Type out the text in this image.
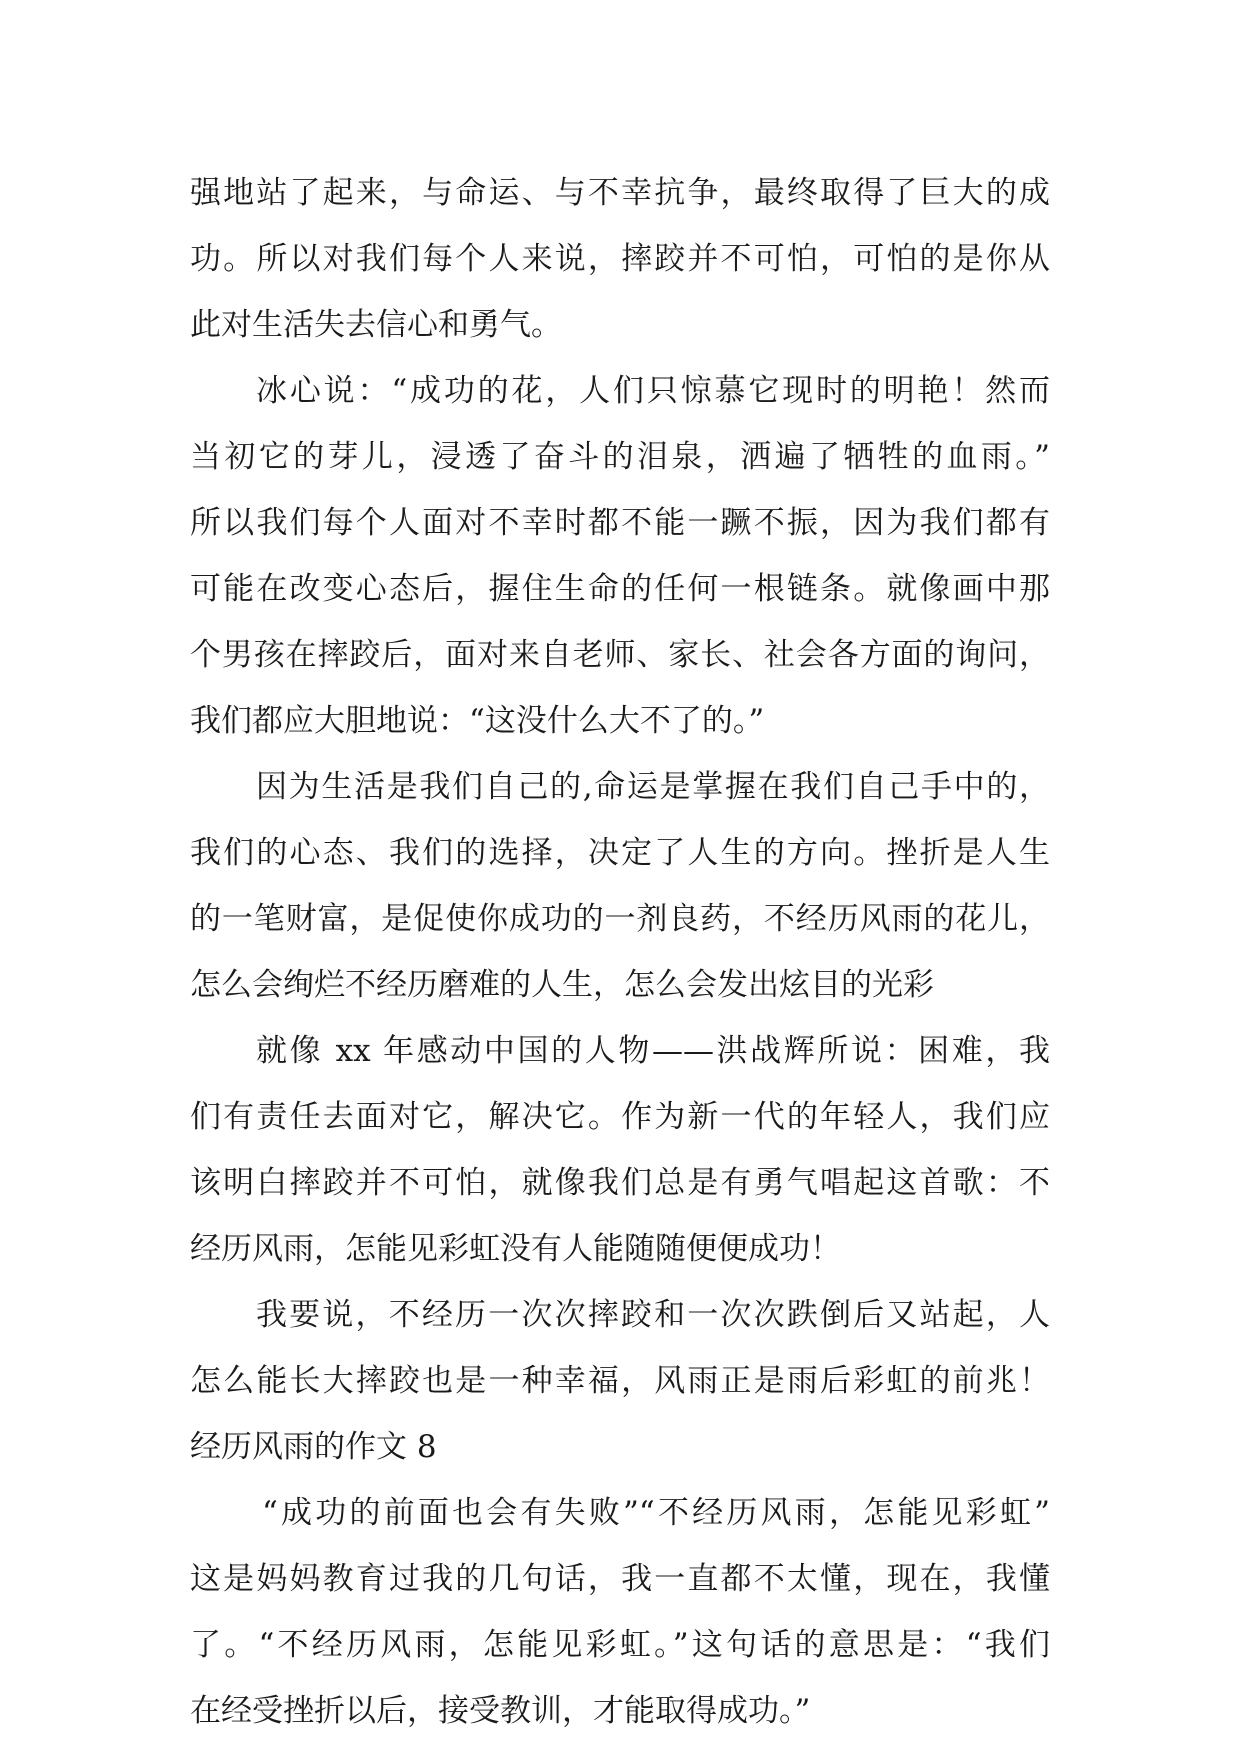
强地站了起来，与命运、与不幸抗争，最终取得了巨大的成
功。所以对我们每个人来说，摔跤并不可怕，可怕的是你从
此对生活失去信心和勇气。
冰心说：“成功的花，人们只惊慕它现时的明艳！然而
当初它的芽儿，浸透了奋斗的泪泉，洒遍了牺牲的血雨。”
所以我们每个人面对不幸时都不能一蹶不振，因为我们都有
可能在改变心态后，握住生命的任何一根链条。就像画中那
个男孩在摔跤后，面对来自老师、家长、社会各方面的询问，
我们都应大胆地说：“这没什么大不了的。”
因为生活是我们自己的,命运是掌握在我们自己手中的，
我们的心态、我们的选择，决定了人生的方向。挫折是人生
的一笔财富，是促使你成功的一剂良药，不经历风雨的花儿，
怎么会绚烂不经历磨难的人生，怎么会发出炫目的光彩
就像 xx 年感动中国的人物——洪战辉所说：困难，我
们有责任去面对它，解决它。作为新一代的年轻人，我们应
该明白摔跤并不可怕，就像我们总是有勇气唱起这首歌：不
经历风雨，怎能见彩虹没有人能随随便便成功！
我要说，不经历一次次摔跤和一次次跌倒后又站起，人
怎么能长大摔跤也是一种幸福，风雨正是雨后彩虹的前兆！
经历风雨的作文 8
“成功的前面也会有失败”“不经历风雨，怎能见彩虹”
这是妈妈教育过我的几句话，我一直都不太懂，现在，我懂
了。“不经历风雨，怎能见彩虹。”这句话的意思是：“我们
在经受挫折以后，接受教训，才能取得成功。”
